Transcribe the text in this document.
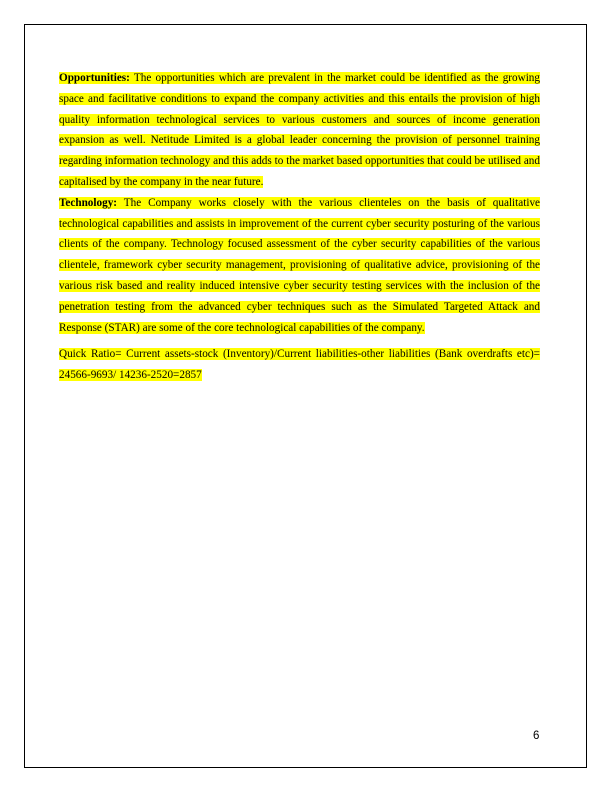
Opportunities: The opportunities which are prevalent in the market could be identified as the growing space and facilitative conditions to expand the company activities and this entails the provision of high quality information technological services to various customers and sources of income generation expansion as well. Netitude Limited is a global leader concerning the provision of personnel training regarding information technology and this adds to the market based opportunities that could be utilised and capitalised by the company in the near future.

Technology: The Company works closely with the various clienteles on the basis of qualitative technological capabilities and assists in improvement of the current cyber security posturing of the various clients of the company. Technology focused assessment of the cyber security capabilities of the various clientele, framework cyber security management, provisioning of qualitative advice, provisioning of the various risk based and reality induced intensive cyber security testing services with the inclusion of the penetration testing from the advanced cyber techniques such as the Simulated Targeted Attack and Response (STAR) are some of the core technological capabilities of the company.

Quick Ratio= Current assets-stock (Inventory)/Current liabilities-other liabilities (Bank overdrafts etc)= 24566-9693/ 14236-2520=2857

6
